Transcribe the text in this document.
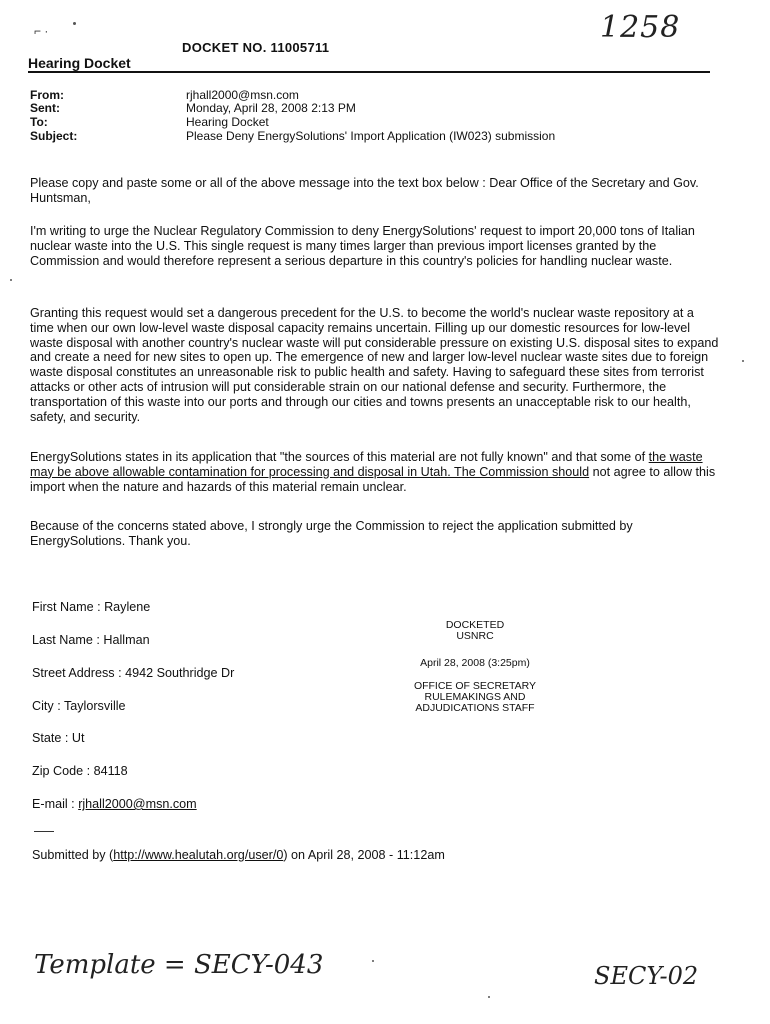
⌐ ·	1258
DOCKET NO. 11005711
Hearing Docket
From:	rjhall2000@msn.com
Sent:	Monday, April 28, 2008 2:13 PM
To:	Hearing Docket
Subject:	Please Deny EnergySolutions' Import Application (IW023) submission
Please copy and paste some or all of the above message into the text box below : Dear Office of the Secretary and Gov. Huntsman,
I'm writing to urge the Nuclear Regulatory Commission to deny EnergySolutions' request to import 20,000 tons of Italian nuclear waste into the U.S. This single request is many times larger than previous import licenses granted by the Commission and would therefore represent a serious departure in this country's policies for handling nuclear waste.
Granting this request would set a dangerous precedent for the U.S. to become the world's nuclear waste repository at a time when our own low-level waste disposal capacity remains uncertain. Filling up our domestic resources for low-level waste disposal with another country's nuclear waste will put considerable pressure on existing U.S. disposal sites to expand and create a need for new sites to open up. The emergence of new and larger low-level nuclear waste sites due to foreign waste disposal constitutes an unreasonable risk to public health and safety. Having to safeguard these sites from terrorist attacks or other acts of intrusion will put considerable strain on our national defense and security. Furthermore, the transportation of this waste into our ports and through our cities and towns presents an unacceptable risk to our health, safety, and security.
EnergySolutions states in its application that "the sources of this material are not fully known" and that some of the waste may be above allowable contamination for processing and disposal in Utah. The Commission should not agree to allow this import when the nature and hazards of this material remain unclear.
Because of the concerns stated above, I strongly urge the Commission to reject the application submitted by EnergySolutions. Thank you.
First Name : Raylene
Last Name : Hallman
Street Address : 4942 Southridge Dr
City : Taylorsville
State : Ut
Zip Code : 84118
E-mail : rjhall2000@msn.com
Submitted by (http://www.healutah.org/user/0) on April 28, 2008 - 11:12am
DOCKETED
USNRC
April 28, 2008 (3:25pm)
OFFICE OF SECRETARY
RULEMAKINGS AND
ADJUDICATIONS STAFF
Template = SECY-043	SECY-02
